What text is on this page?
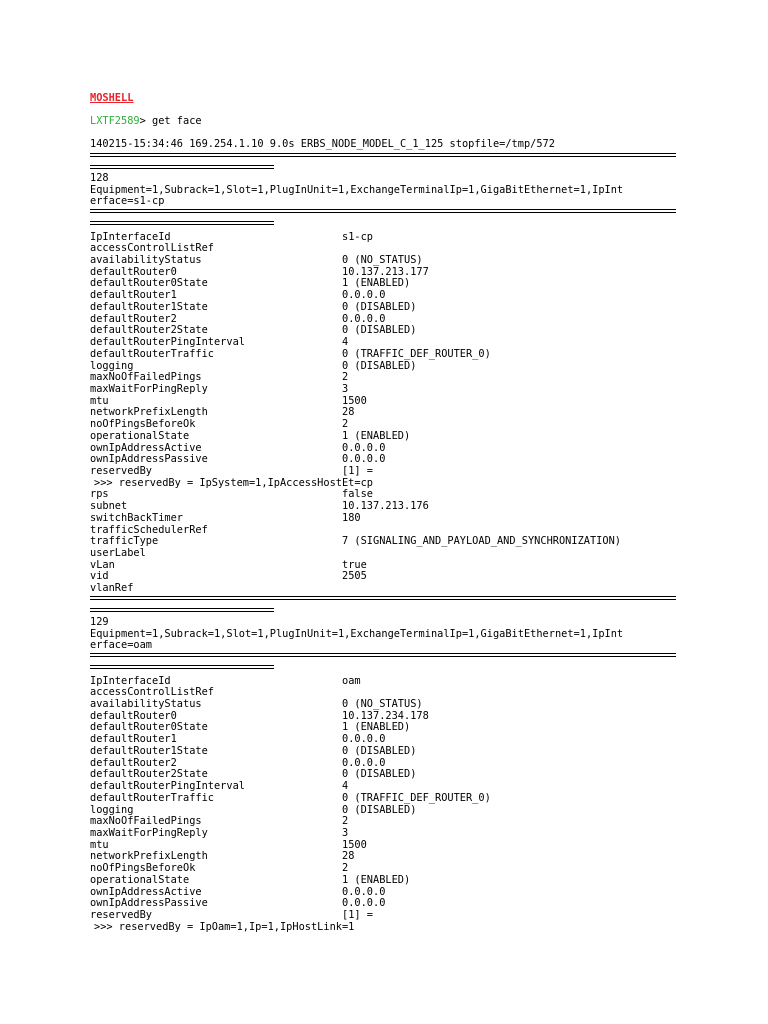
MOSHELL
LXTF2589> get face
140215-15:34:46 169.254.1.10 9.0s ERBS_NODE_MODEL_C_1_125 stopfile=/tmp/572
128
Equipment=1,Subrack=1,Slot=1,PlugInUnit=1,ExchangeTerminalIp=1,GigaBitEthernet=1,IpInt
erface=s1-cp
IpInterfaceId	s1-cp
accessControlListRef
availabilityStatus	0 (NO_STATUS)
defaultRouter0	10.137.213.177
defaultRouter0State	1 (ENABLED)
defaultRouter1	0.0.0.0
defaultRouter1State	0 (DISABLED)
defaultRouter2	0.0.0.0
defaultRouter2State	0 (DISABLED)
defaultRouterPingInterval	4
defaultRouterTraffic	0 (TRAFFIC_DEF_ROUTER_0)
logging	0 (DISABLED)
maxNoOfFailedPings	2
maxWaitForPingReply	3
mtu	1500
networkPrefixLength	28
noOfPingsBeforeOk	2
operationalState	1 (ENABLED)
ownIpAddressActive	0.0.0.0
ownIpAddressPassive	0.0.0.0
reservedBy	[1] =
>>> reservedBy = IpSystem=1,IpAccessHostEt=cp
rps	false
subnet	10.137.213.176
switchBackTimer	180
trafficSchedulerRef
trafficType	7 (SIGNALING_AND_PAYLOAD_AND_SYNCHRONIZATION)
userLabel
vLan	true
vid	2505
vlanRef
129
Equipment=1,Subrack=1,Slot=1,PlugInUnit=1,ExchangeTerminalIp=1,GigaBitEthernet=1,IpInt
erface=oam
IpInterfaceId	oam
accessControlListRef
availabilityStatus	0 (NO_STATUS)
defaultRouter0	10.137.234.178
defaultRouter0State	1 (ENABLED)
defaultRouter1	0.0.0.0
defaultRouter1State	0 (DISABLED)
defaultRouter2	0.0.0.0
defaultRouter2State	0 (DISABLED)
defaultRouterPingInterval	4
defaultRouterTraffic	0 (TRAFFIC_DEF_ROUTER_0)
logging	0 (DISABLED)
maxNoOfFailedPings	2
maxWaitForPingReply	3
mtu	1500
networkPrefixLength	28
noOfPingsBeforeOk	2
operationalState	1 (ENABLED)
ownIpAddressActive	0.0.0.0
ownIpAddressPassive	0.0.0.0
reservedBy	[1] =
>>> reservedBy = IpOam=1,Ip=1,IpHostLink=1
